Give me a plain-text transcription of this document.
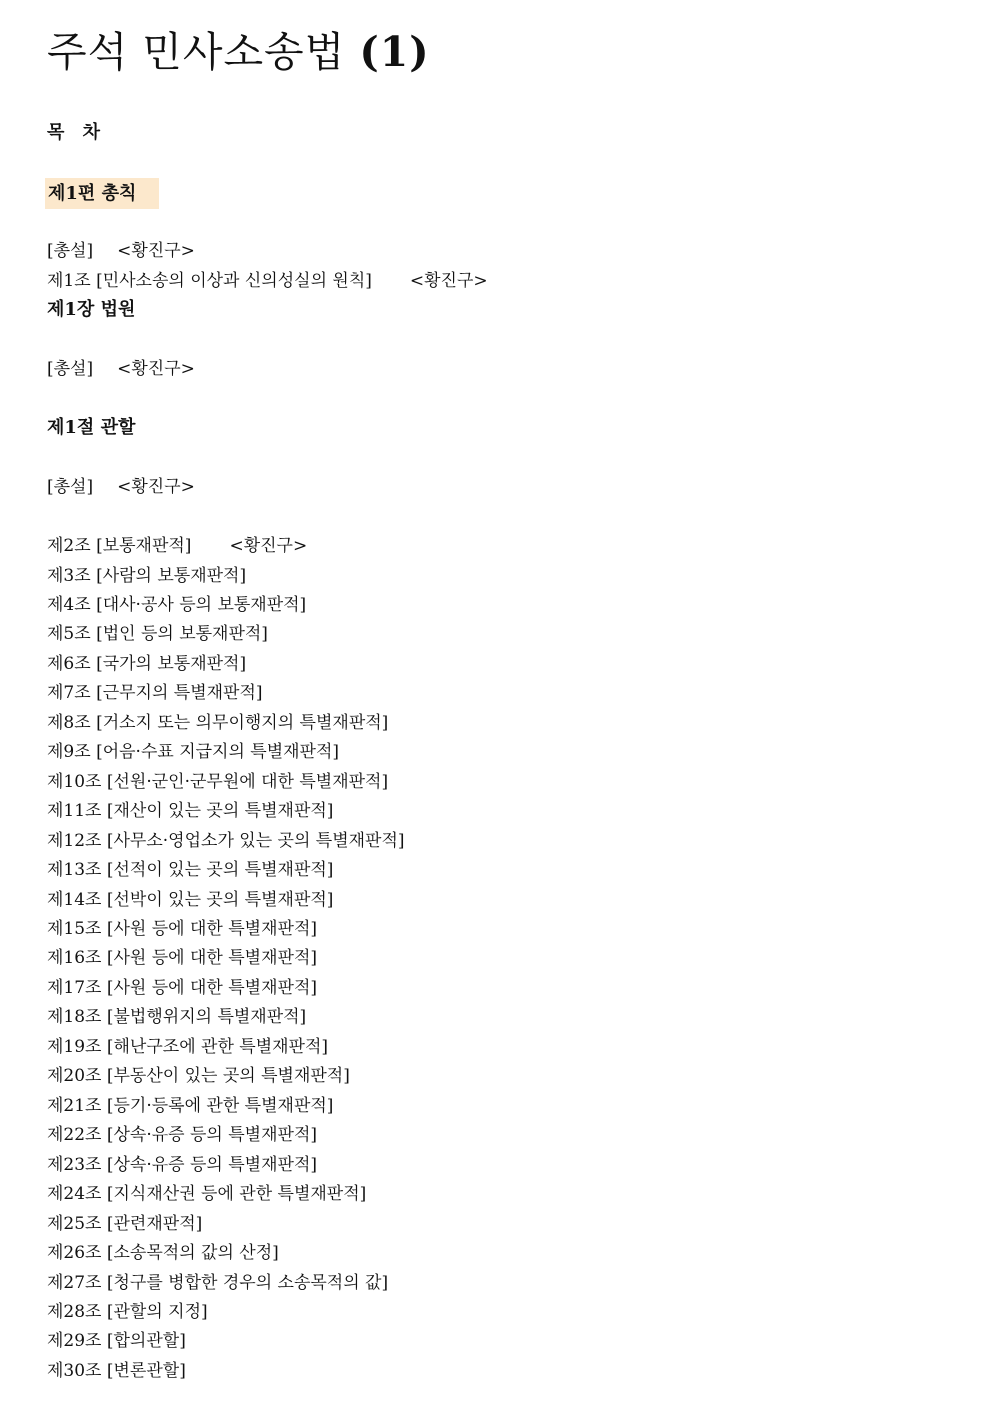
주석 민사소송법 (1)
목 차
제1편 총칙
[총설] <황진구>
제1조 [민사소송의 이상과 신의성실의 원칙] <황진구>
제1장 법원
[총설] <황진구>
제1절 관할
[총설] <황진구>
제2조 [보통재판적] <황진구>
제3조 [사람의 보통재판적]
제4조 [대사·공사 등의 보통재판적]
제5조 [법인 등의 보통재판적]
제6조 [국가의 보통재판적]
제7조 [근무지의 특별재판적]
제8조 [거소지 또는 의무이행지의 특별재판적]
제9조 [어음·수표 지급지의 특별재판적]
제10조 [선원·군인·군무원에 대한 특별재판적]
제11조 [재산이 있는 곳의 특별재판적]
제12조 [사무소·영업소가 있는 곳의 특별재판적]
제13조 [선적이 있는 곳의 특별재판적]
제14조 [선박이 있는 곳의 특별재판적]
제15조 [사원 등에 대한 특별재판적]
제16조 [사원 등에 대한 특별재판적]
제17조 [사원 등에 대한 특별재판적]
제18조 [불법행위지의 특별재판적]
제19조 [해난구조에 관한 특별재판적]
제20조 [부동산이 있는 곳의 특별재판적]
제21조 [등기·등록에 관한 특별재판적]
제22조 [상속·유증 등의 특별재판적]
제23조 [상속·유증 등의 특별재판적]
제24조 [지식재산권 등에 관한 특별재판적]
제25조 [관련재판적]
제26조 [소송목적의 값의 산정]
제27조 [청구를 병합한 경우의 소송목적의 값]
제28조 [관할의 지정]
제29조 [합의관할]
제30조 [변론관할]
